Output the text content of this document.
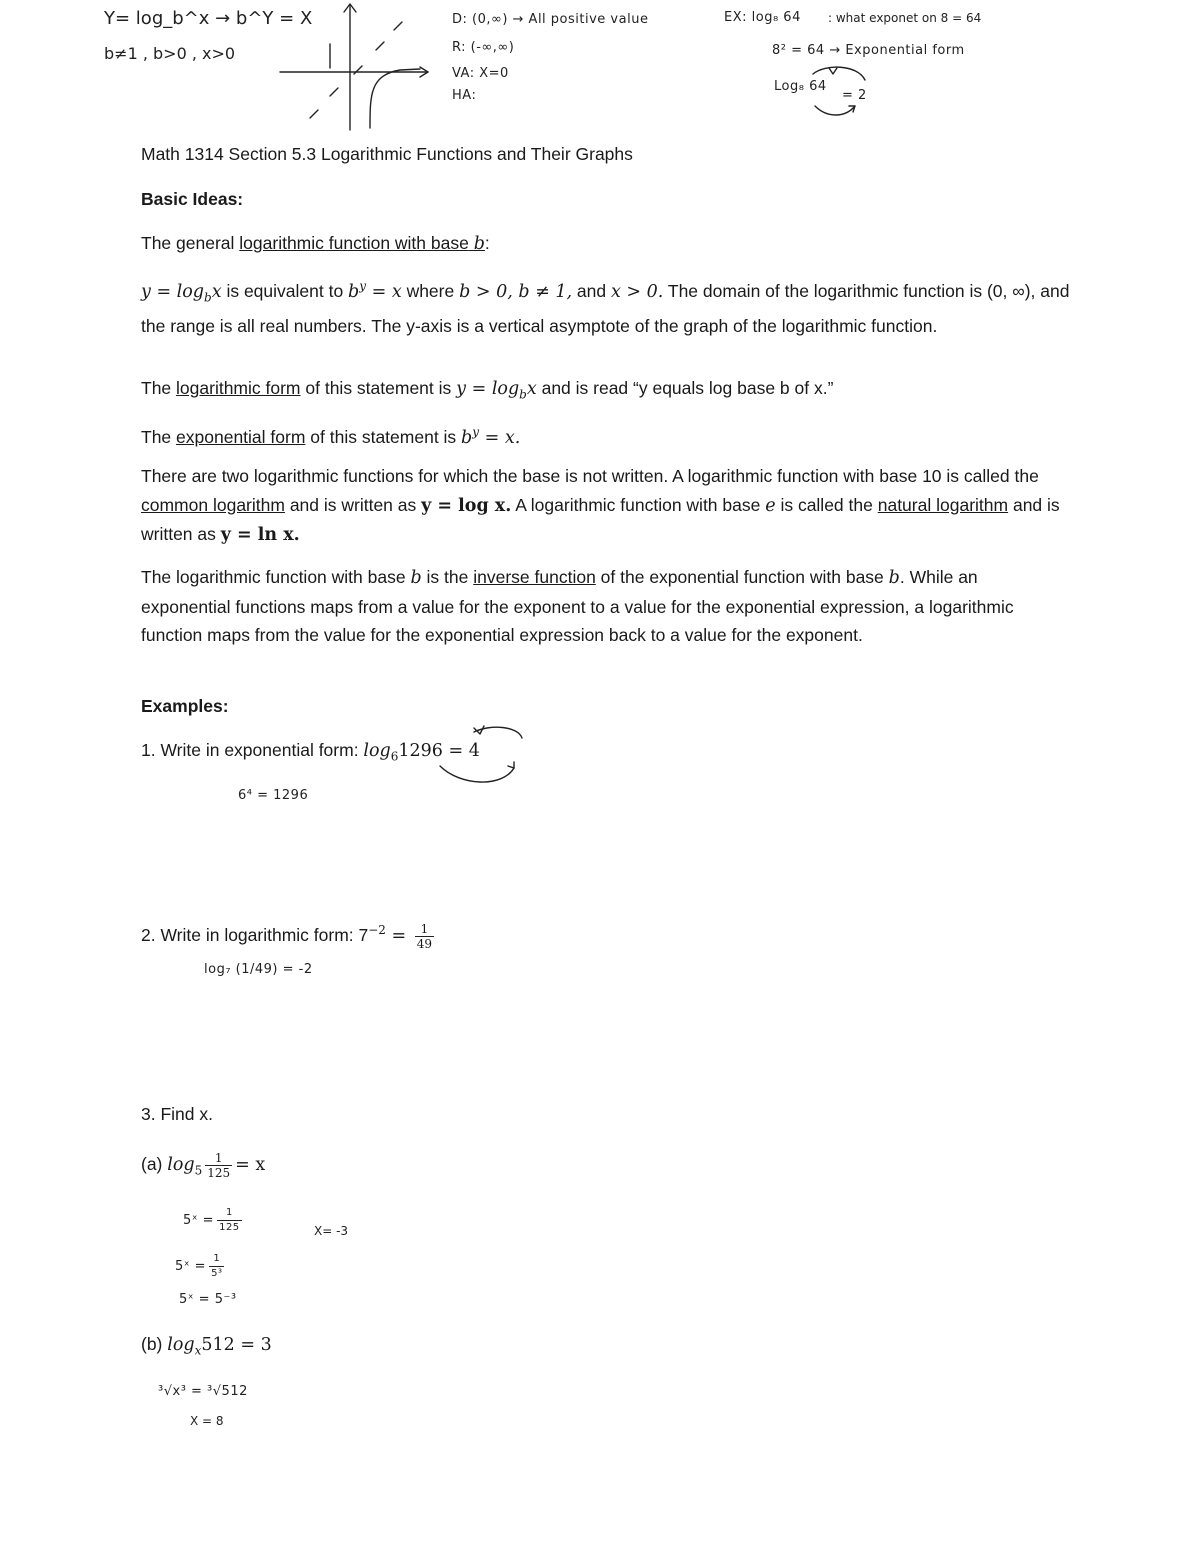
Y= log_b^x → b^Y = X
b≠1 , b>0 , x>0
D: (0,∞) → All positive value
R: (-∞,∞)
VA: X=0
HA:
EX: log₈ 64 : what exponet on 8 = 64
8² = 64 → Exponential form
Log₈ 64
= 2
Math 1314 Section 5.3 Logarithmic Functions and Their Graphs
Basic Ideas:
The general logarithmic function with base b:
$y = \log_bx$ is equivalent to $b^y = x$ where b > 0, b ≠ 1, and x > 0. The domain of the logarithmic function is (0, ∞), and the range is all real numbers. The y-axis is a vertical asymptote of the graph of the logarithmic function.
The logarithmic form of this statement is $y = \log_bx$ and is read “y equals log base b of x.”
The exponential form of this statement is $b^y = x$.
There are two logarithmic functions for which the base is not written. A logarithmic function with base 10 is called the common logarithm and is written as y = log x. A logarithmic function with base e is called the natural logarithm and is written as y = ln x.
The logarithmic function with base b is the inverse function of the exponential function with base b. While an exponential functions maps from a value for the exponent to a value for the exponential expression, a logarithmic function maps from the value for the exponential expression back to a value for the exponent.
Examples:
1. Write in exponential form: $\log_61296 = 4$
6⁴ = 1296
2. Write in logarithmic form: $7^{-2} = \frac{1}{49}$
log₇ (1/49) = -2
3. Find x.
(a) $\log_5 \frac{1}{125} = x$
5ˣ = $\frac{1}{125}$	X= -3
5ˣ = $\frac{1}{\text{5³}}$
5ˣ = 5⁻³
(b) $\log_x512 = 3$
³√x³ = ³√512
X = 8
